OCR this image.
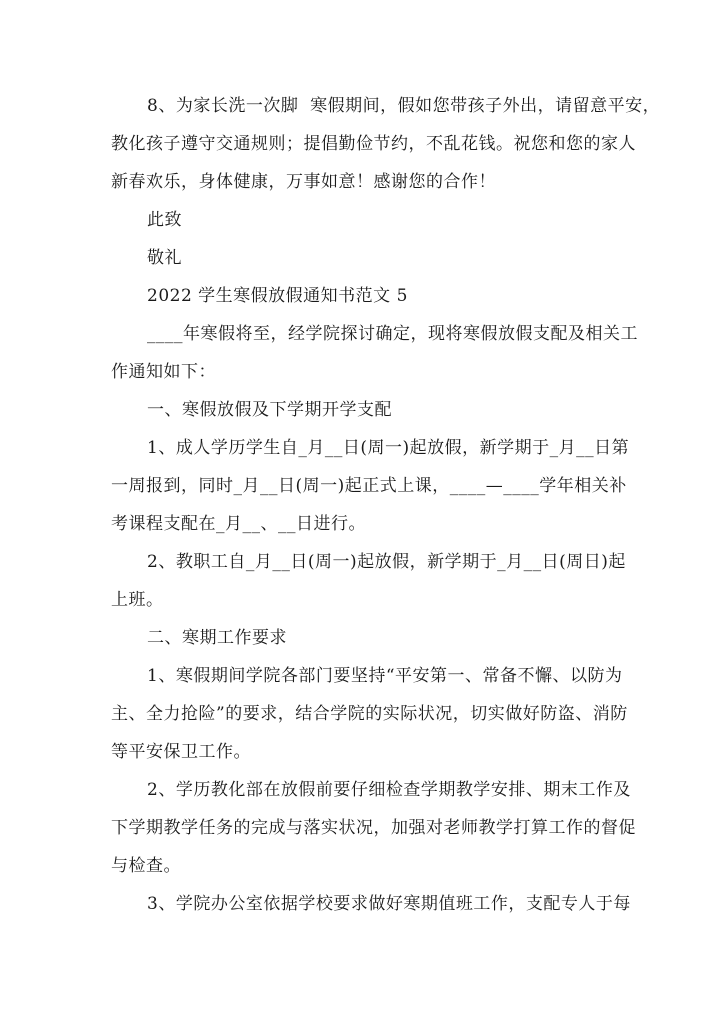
8、为家长洗一次脚  寒假期间，假如您带孩子外出，请留意平安，
教化孩子遵守交通规则；提倡勤俭节约，不乱花钱。祝您和您的家人
新春欢乐，身体健康，万事如意！感谢您的合作！
此致
敬礼
2022 学生寒假放假通知书范文 5
____年寒假将至，经学院探讨确定，现将寒假放假支配及相关工
作通知如下：
一、寒假放假及下学期开学支配
1、成人学历学生自_月__日(周一)起放假，新学期于_月__日第
一周报到，同时_月__日(周一)起正式上课，____—____学年相关补
考课程支配在_月__、__日进行。
2、教职工自_月__日(周一)起放假，新学期于_月__日(周日)起
上班。
二、寒期工作要求
1、寒假期间学院各部门要坚持“平安第一、常备不懈、以防为
主、全力抢险”的要求，结合学院的实际状况，切实做好防盗、消防
等平安保卫工作。
2、学历教化部在放假前要仔细检查学期教学安排、期末工作及
下学期教学任务的完成与落实状况，加强对老师教学打算工作的督促
与检查。
3、学院办公室依据学校要求做好寒期值班工作，支配专人于每
